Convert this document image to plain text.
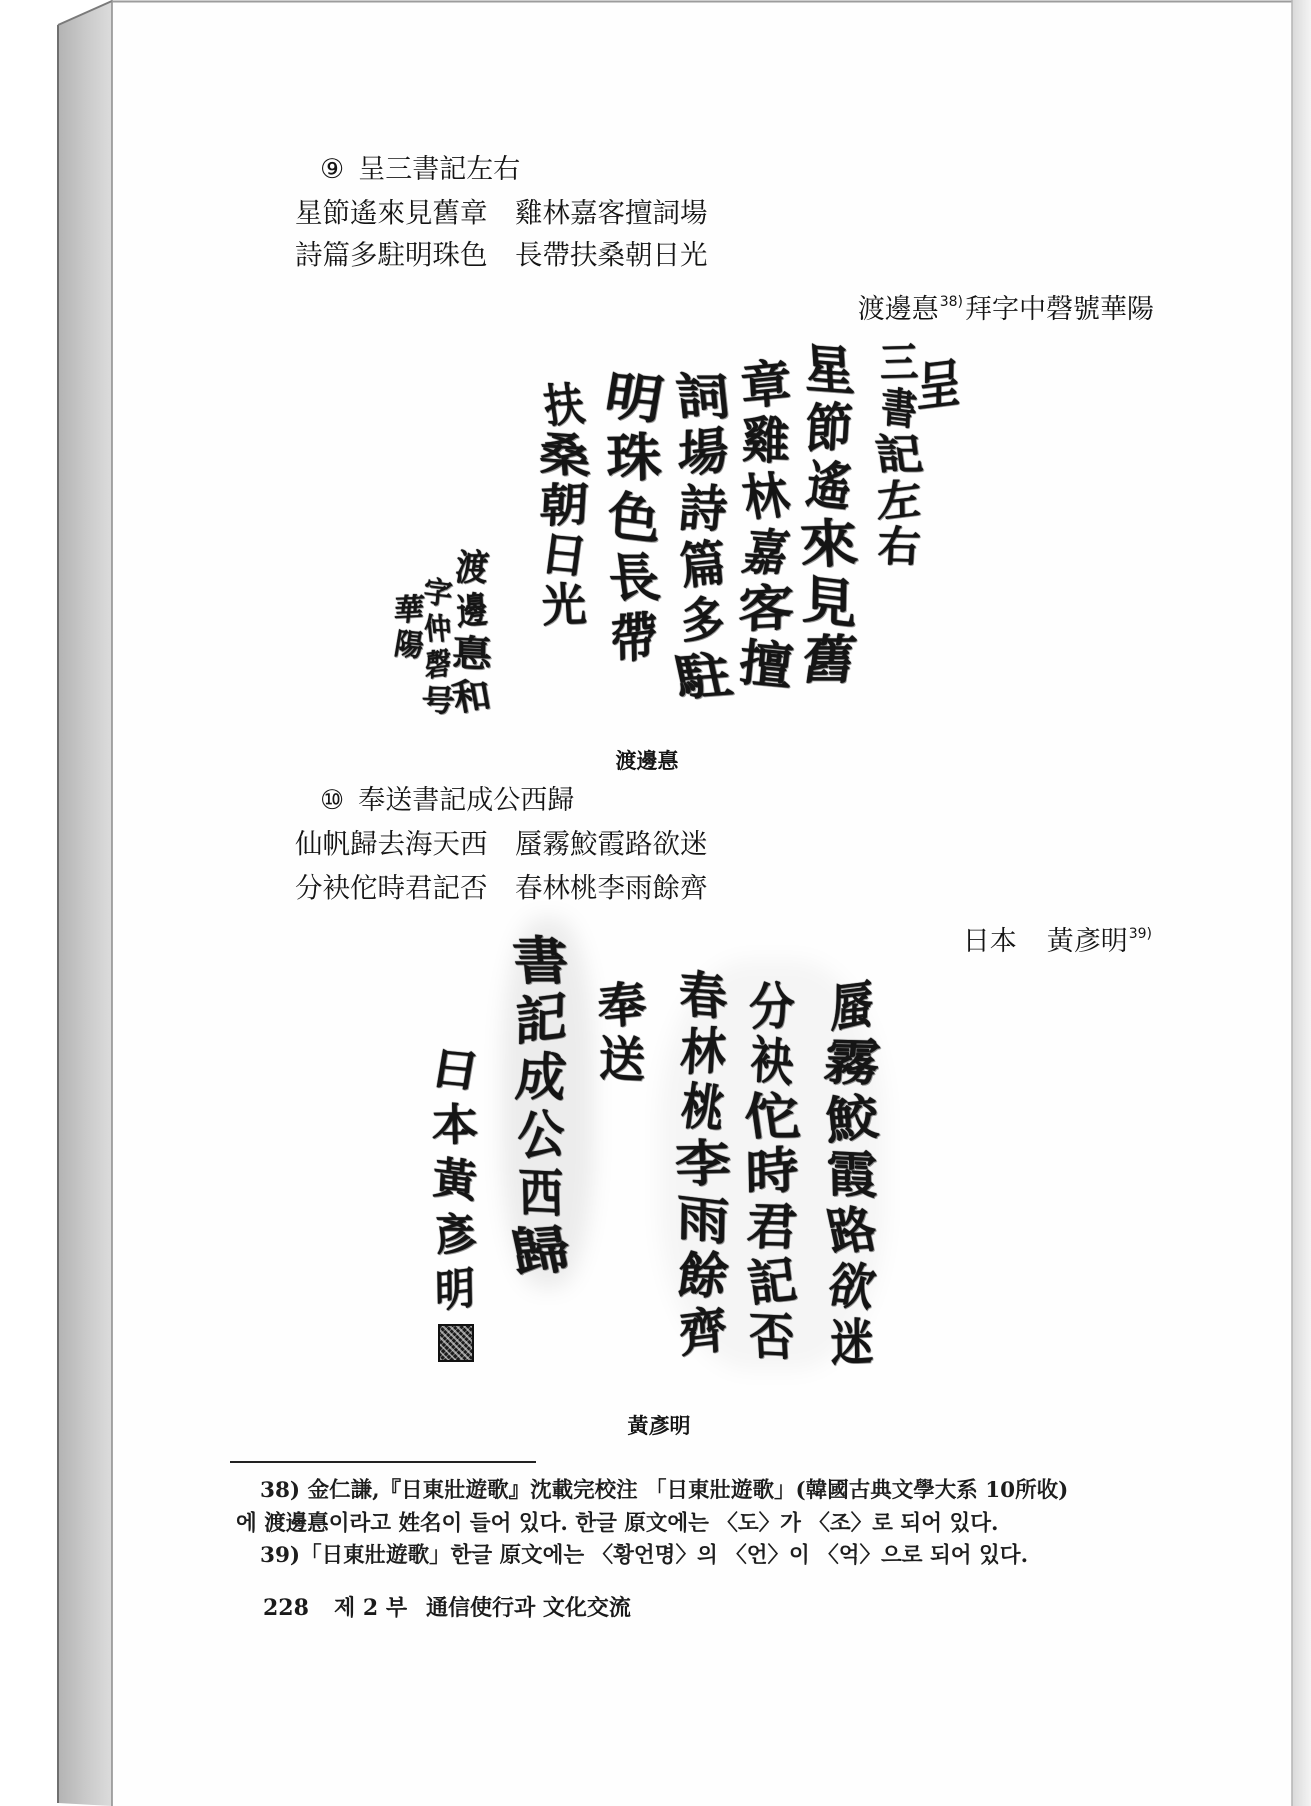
⑨ 呈三書記左右
星節遙來見舊章　雞林嘉客擅詞場
詩篇多駐明珠色　長帶扶桑朝日光
渡邊惪$^{38)}$拜字中磬號華陽
呈
三
書
記
左
右
星
節
遙
來
見
舊
章
雞
林
嘉
客
擅
詞
場
詩
篇
多
駐
明
珠
色
長
帶
扶
桑
朝
日
光
渡
邊
惪
和
字
仲
磬
号
華
陽
渡邊惪
⑩ 奉送書記成公西歸
仙帆歸去海天西　蜃霧鮫霞路欲迷
分袂佗時君記否　春林桃李雨餘齊
日本 黃彥明$^{39)}$
蜃
霧
鮫
霞
路
欲
迷
分
袂
佗
時
君
記
否
春
林
桃
李
雨
餘
齊
奉
送
書
記
成
公
西
歸
日
本
黃
彥
明
黃彥明
38) 金仁謙,『日東壯遊歌』沈載完校注 「日東壯遊歌」(韓國古典文學大系 10所收)
에 渡邊惪이라고 姓名이 들어 있다. 한글 原文에는 〈도〉가 〈조〉로 되어 있다.
39)「日東壯遊歌」한글 原文에는 〈황언명〉의 〈언〉이 〈억〉으로 되어 있다.
228 제 2 부 通信使行과 文化交流
